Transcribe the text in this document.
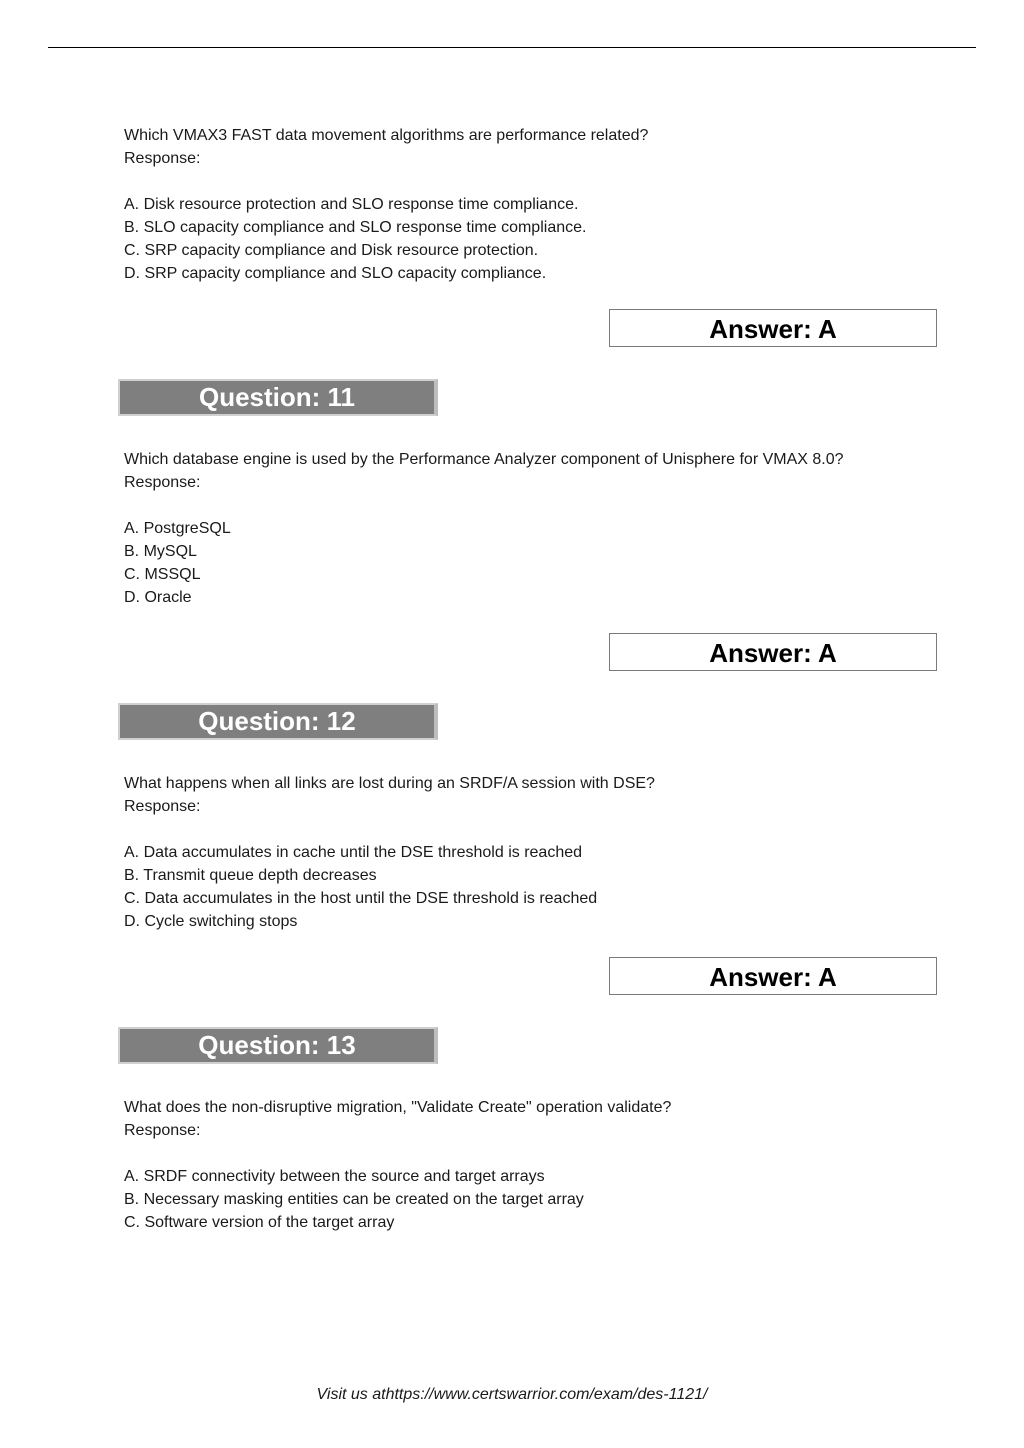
Which VMAX3 FAST data movement algorithms are performance related?
Response:
A. Disk resource protection and SLO response time compliance.
B. SLO capacity compliance and SLO response time compliance.
C. SRP capacity compliance and Disk resource protection.
D. SRP capacity compliance and SLO capacity compliance.
Answer: A
Question: 11
Which database engine is used by the Performance Analyzer component of Unisphere for VMAX 8.0?
Response:
A. PostgreSQL
B. MySQL
C. MSSQL
D. Oracle
Answer: A
Question: 12
What happens when all links are lost during an SRDF/A session with DSE?
Response:
A. Data accumulates in cache until the DSE threshold is reached
B. Transmit queue depth decreases
C. Data accumulates in the host until the DSE threshold is reached
D. Cycle switching stops
Answer: A
Question: 13
What does the non-disruptive migration, "Validate Create" operation validate?
Response:
A. SRDF connectivity between the source and target arrays
B. Necessary masking entities can be created on the target array
C. Software version of the target array
Visit us athttps://www.certswarrior.com/exam/des-1121/
